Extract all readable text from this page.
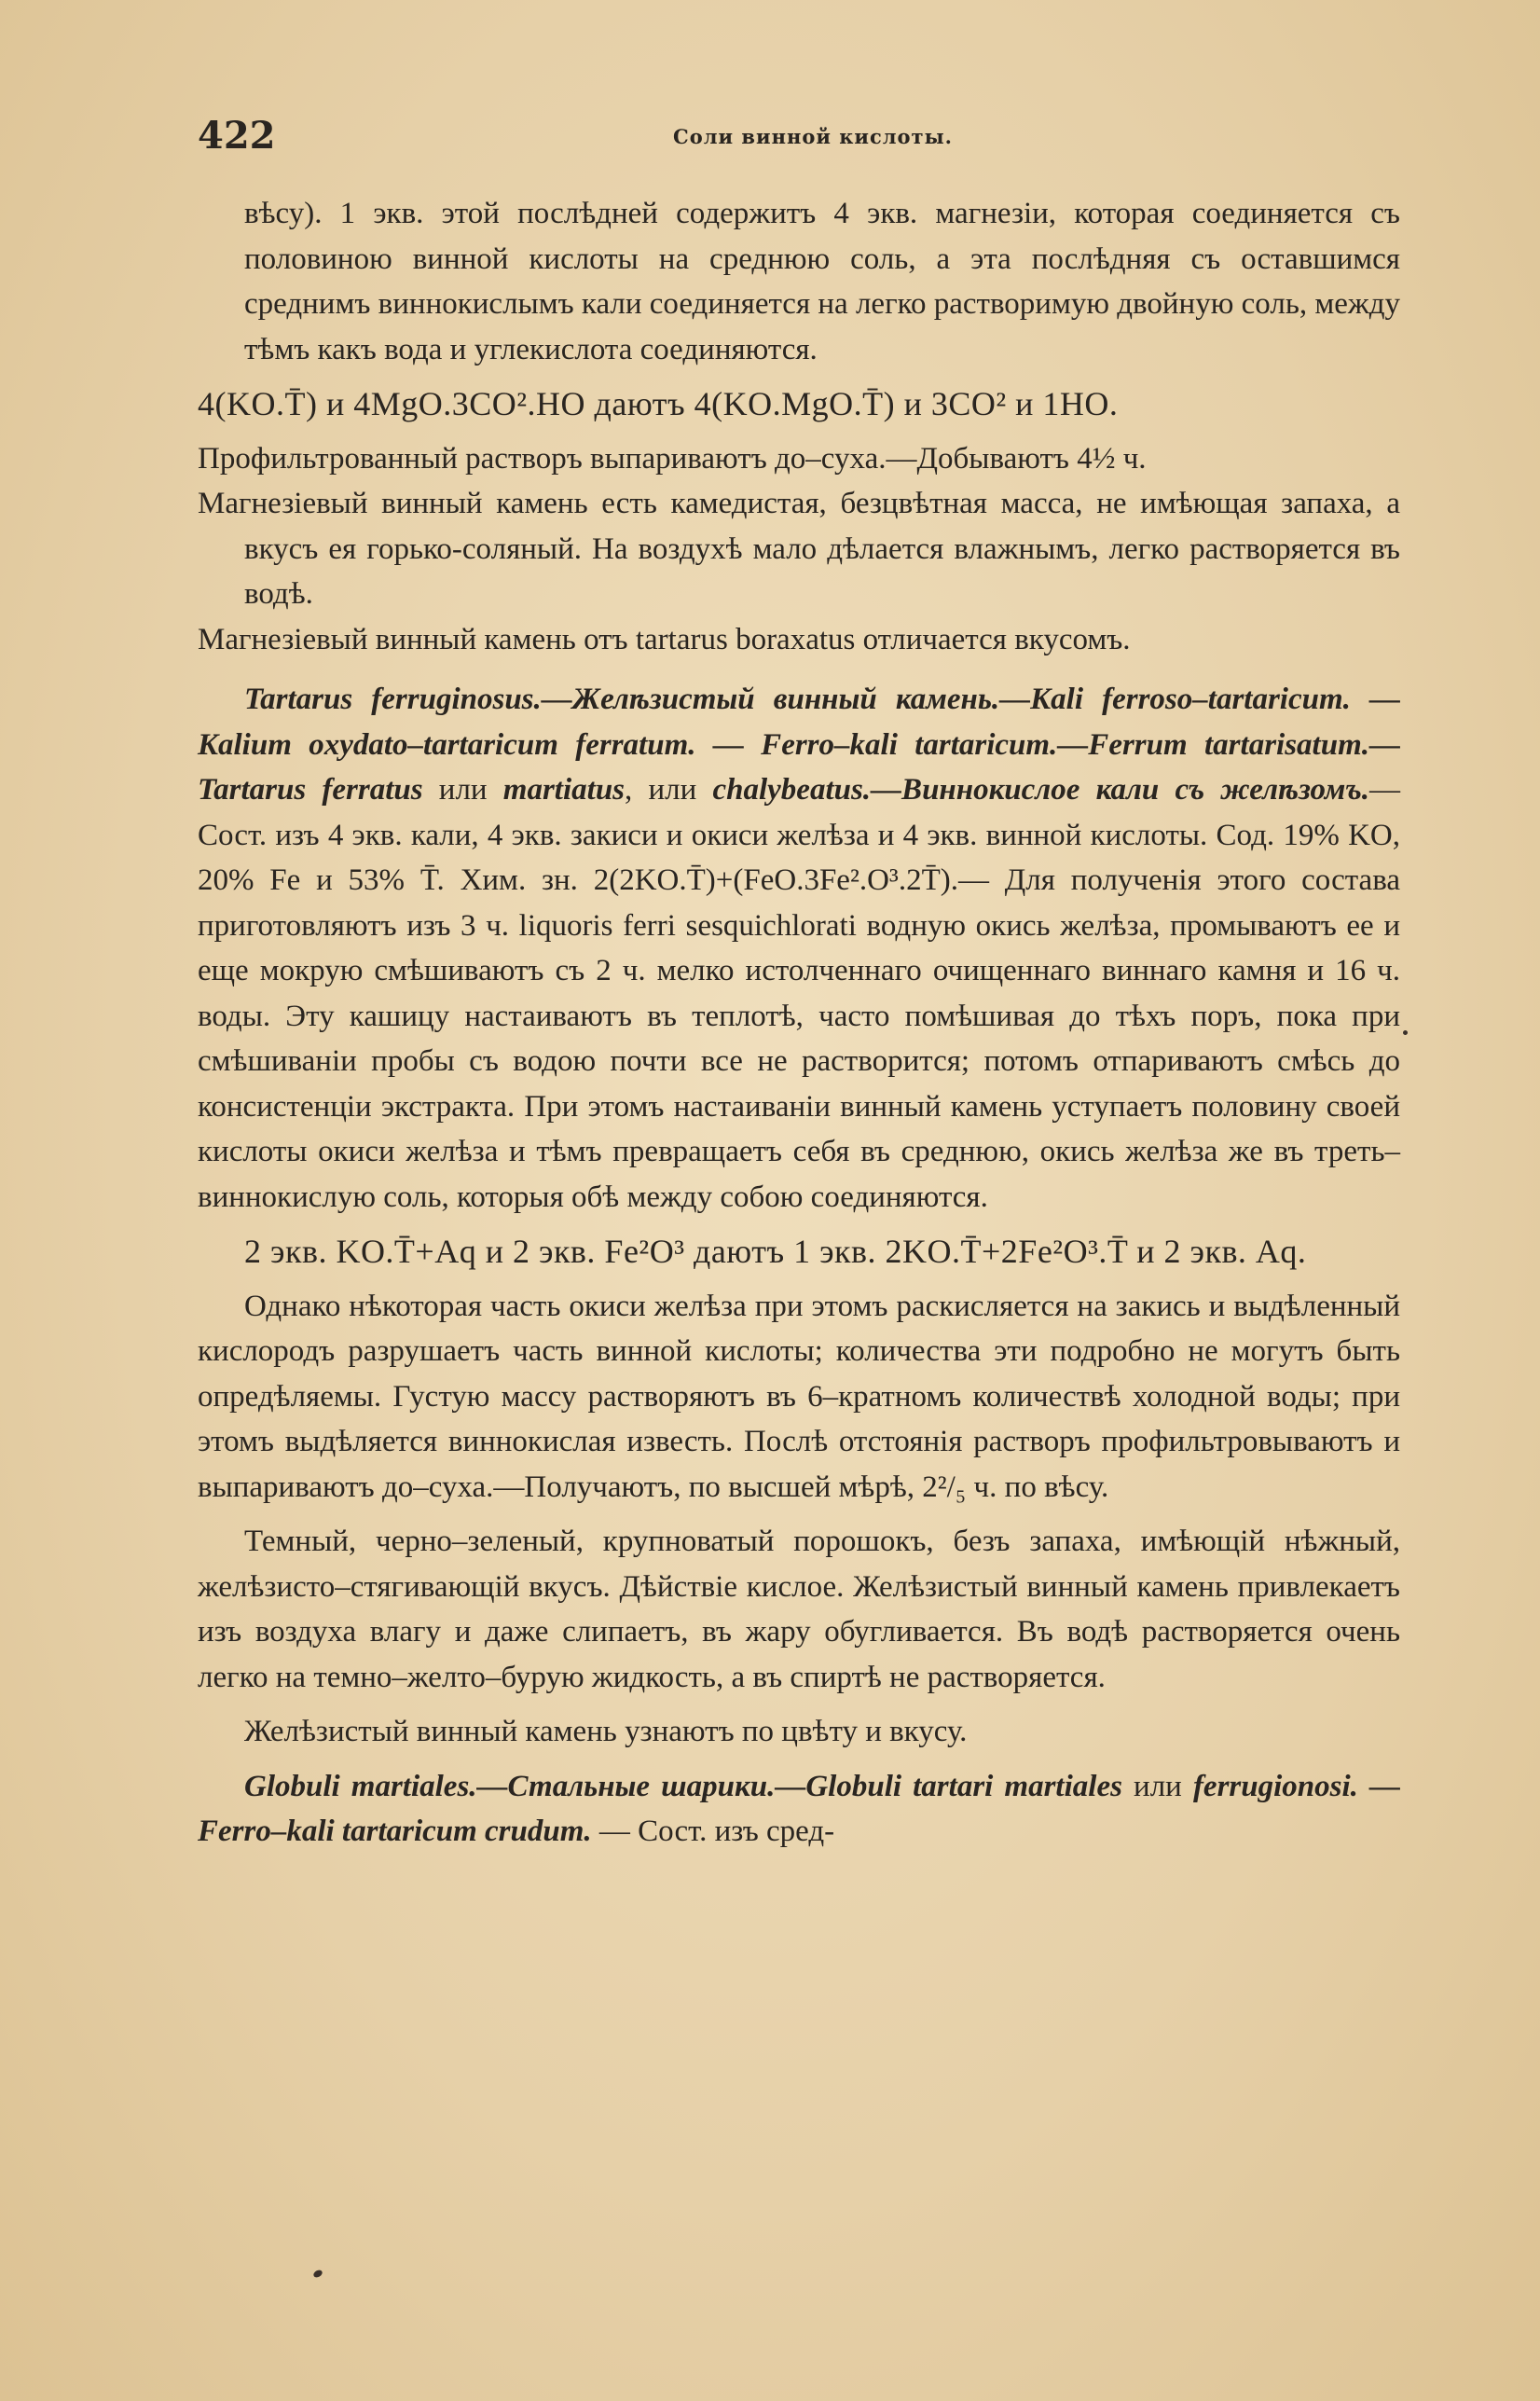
422	Соли винной кислоты.

вѣсу). 1 экв. этой послѣдней содержитъ 4 экв. магнезіи, которая соединяется съ половиною винной кислоты на среднюю соль, а эта послѣдняя съ оставшимся среднимъ виннокислымъ кали соединяется на легко растворимую двойную соль, между тѣмъ какъ вода и углекислота соединяются.

4(KO.T̄) и 4MgO.3CO².HO даютъ 4(KO.MgO.T̄) и 3CO² и 1HO.

Профильтрованный растворъ выпариваютъ до–суха.—Добываютъ 4½ ч.

Магнезіевый винный камень есть камедистая, безцвѣтная масса, не имѣющая запаха, а вкусъ ея горько-соляный. На воздухѣ мало дѣлается влажнымъ, легко растворяется въ водѣ.

Магнезіевый винный камень отъ tartarus boraxatus отличается вкусомъ.

Tartarus ferruginosus.—Желѣзистый винный камень.—Kali ferroso–tartaricum. — Kalium oxydato–tartaricum ferratum. — Ferro–kali tartaricum.—Ferrum tartarisatum.— Tartarus ferratus или martiatus, или chalybeatus.—Виннокислое кали съ желѣзомъ.—Сост. изъ 4 экв. кали, 4 экв. закиси и окиси желѣза и 4 экв. винной кислоты. Сод. 19% KO, 20% Fe и 53% T̄. Хим. зн. 2(2KO.T̄)+(FeO.3Fe².O³.2T̄).— Для полученія этого состава приготовляютъ изъ 3 ч. liquoris ferri sesquichlorati водную окись желѣза, промываютъ ее и еще мокрую смѣшиваютъ съ 2 ч. мелко истолченнаго очищеннаго виннаго камня и 16 ч. воды. Эту кашицу настаиваютъ въ теплотѣ, часто помѣшивая до тѣхъ поръ, пока при смѣшиваніи пробы съ водою почти все не растворится; потомъ отпариваютъ смѣсь до консистенціи экстракта. При этомъ настаиваніи винный камень уступаетъ половину своей кислоты окиси желѣза и тѣмъ превращаетъ себя въ среднюю, окись желѣза же въ треть–виннокислую соль, которыя обѣ между собою соединяются.

2 экв. KO.T̄+Aq и 2 экв. Fe²O³ даютъ 1 экв. 2KO.T̄+2Fe²O³.T̄ и 2 экв. Aq.

Однако нѣкоторая часть окиси желѣза при этомъ раскисляется на закись и выдѣленный кислородъ разрушаетъ часть винной кислоты; количества эти подробно не могутъ быть опредѣляемы. Густую массу растворяютъ въ 6–кратномъ количествѣ холодной воды; при этомъ выдѣляется виннокислая известь. Послѣ отстоянія растворъ профильтровываютъ и выпариваютъ до–суха.—Получаютъ, по высшей мѣрѣ, 2²/₅ ч. по вѣсу.

Темный, черно–зеленый, крупноватый порошокъ, безъ запаха, имѣющій нѣжный, желѣзисто–стягивающій вкусъ. Дѣйствіе кислое. Желѣзистый винный камень привлекаетъ изъ воздуха влагу и даже слипаетъ, въ жару обугливается. Въ водѣ растворяется очень легко на темно–желто–бурую жидкость, а въ спиртѣ не растворяется.

Желѣзистый винный камень узнаютъ по цвѣту и вкусу.

Globuli martiales.—Стальные шарики.—Globuli tartari martiales или ferrugionosi. — Ferro–kali tartaricum crudum. — Сост. изъ сред-
